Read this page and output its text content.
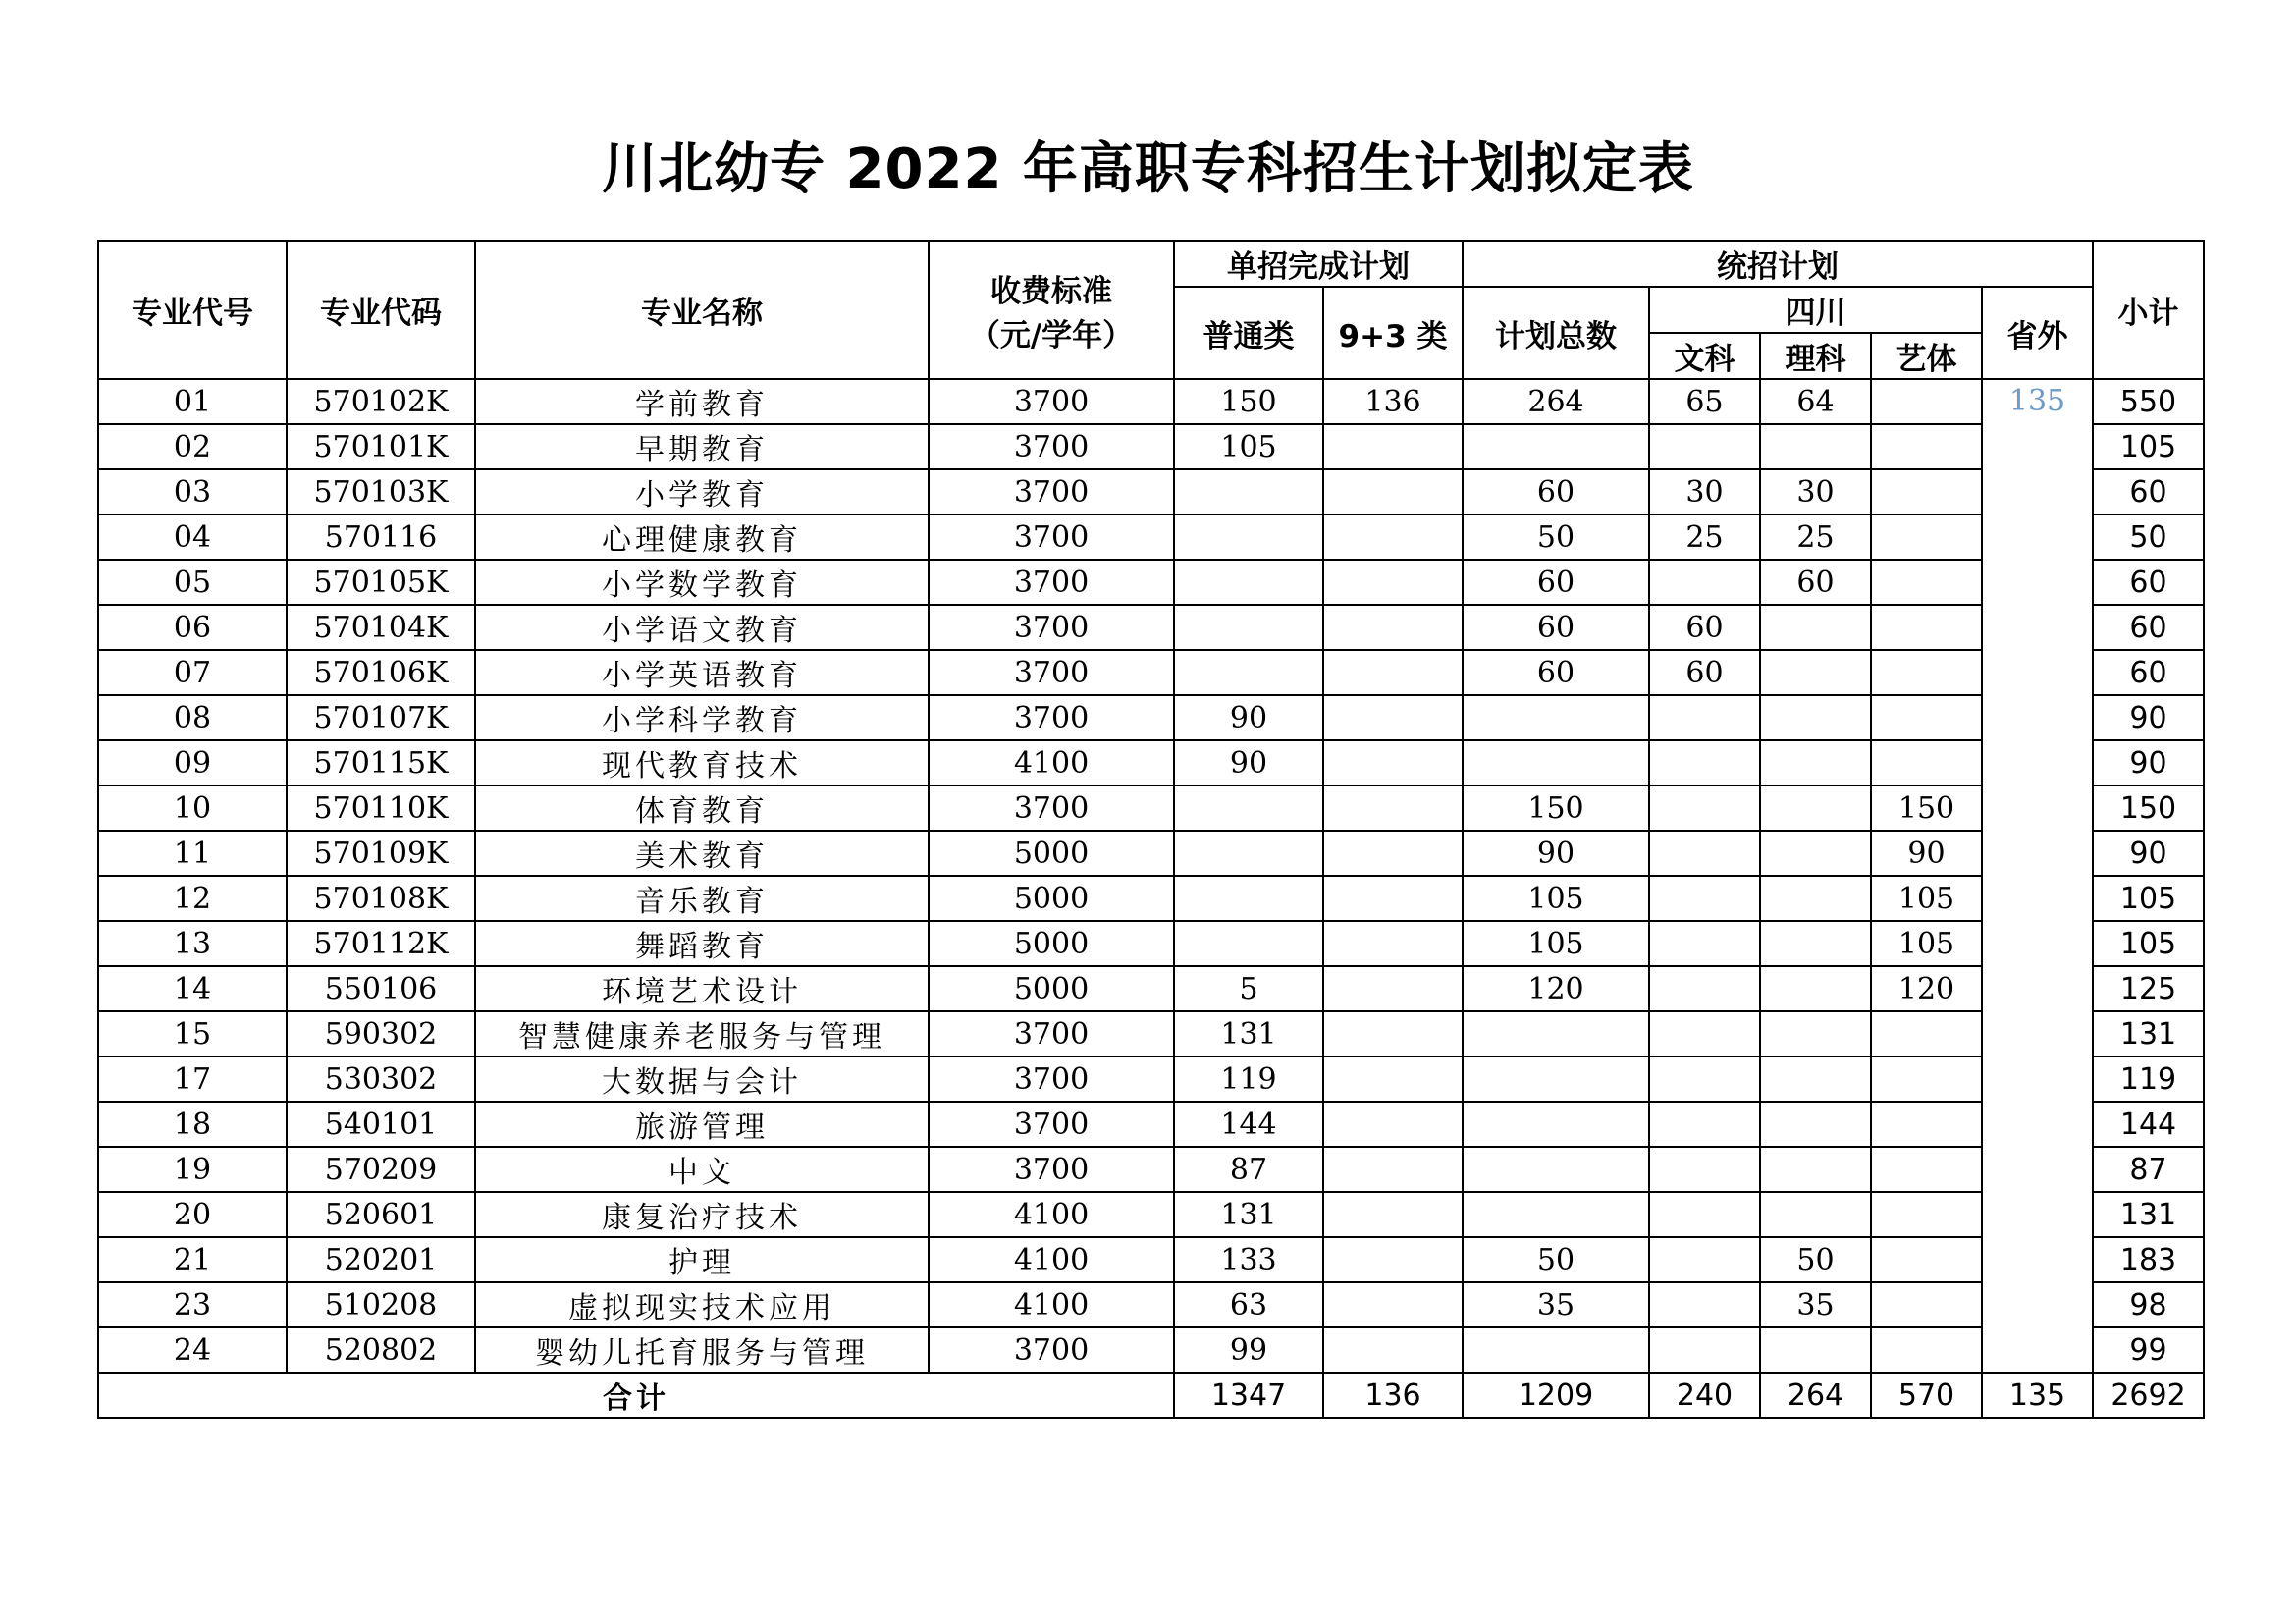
川北幼专 2022 年高职专科招生计划拟定表
专业代号	专业代码	专业名称	收费标准
（元/学年）	单招完成计划		统招计划					小计
				普通类	9+3 类	计划总数	四川			省外	
							文科	理科	艺体		
01	570102K	学前教育	3700	150	136	264	65	64		135	550
02	570101K	早期教育	3700	105							105
03	570103K	小学教育	3700			60	30	30			60
04	570116	心理健康教育	3700			50	25	25			50
05	570105K	小学数学教育	3700			60		60			60
06	570104K	小学语文教育	3700			60	60				60
07	570106K	小学英语教育	3700			60	60				60
08	570107K	小学科学教育	3700	90							90
09	570115K	现代教育技术	4100	90							90
10	570110K	体育教育	3700			150			150		150
11	570109K	美术教育	5000			90			90		90
12	570108K	音乐教育	5000			105			105		105
13	570112K	舞蹈教育	5000			105			105		105
14	550106	环境艺术设计	5000	5		120			120		125
15	590302	智慧健康养老服务与管理	3700	131							131
17	530302	大数据与会计	3700	119							119
18	540101	旅游管理	3700	144							144
19	570209	中文	3700	87							87
20	520601	康复治疗技术	4100	131							131
21	520201	护理	4100	133		50		50			183
23	510208	虚拟现实技术应用	4100	63		35		35			98
24	520802	婴幼儿托育服务与管理	3700	99							99
合计				1347	136	1209	240	264	570	135	2692
